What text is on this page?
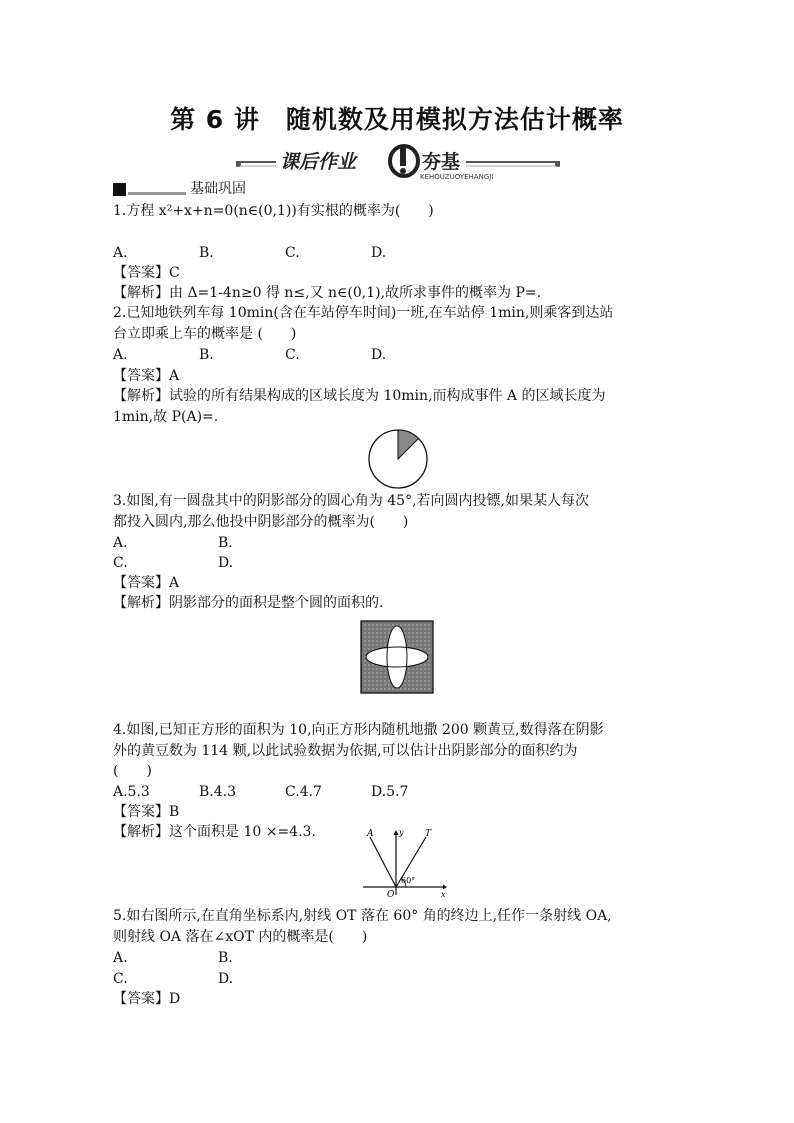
第 6 讲　随机数及用模拟方法估计概率
课后作业	夯基
KEHOUZUOYEHANGJI
基础巩固
1.方程 x²+x+n=0(n∈(0,1))有实根的概率为(　　)
A.	B.	C.	D.
【答案】C
【解析】由 Δ=1-4n≥0 得 n≤,又 n∈(0,1),故所求事件的概率为 P=.
2.已知地铁列车每 10min(含在车站停车时间)一班,在车站停 1min,则乘客到达站
台立即乘上车的概率是 (　　)
A.	B.	C.	D.
【答案】A
【解析】试验的所有结果构成的区域长度为 10min,而构成事件 A 的区域长度为
1min,故 P(A)=.
3.如图,有一圆盘其中的阴影部分的圆心角为 45°,若向圆内投镖,如果某人每次
都投入圆内,那么他投中阴影部分的概率为(　　)
A.	B.
C.	D.
【答案】A
【解析】阴影部分的面积是整个圆的面积的.
4.如图,已知正方形的面积为 10,向正方形内随机地撒 200 颗黄豆,数得落在阴影
外的黄豆数为 114 颗,以此试验数据为依据,可以估计出阴影部分的面积约为
(　　)
A.5.3	B.4.3	C.4.7	D.5.7
【答案】B
【解析】这个面积是 10 ×=4.3.	A	y T
O	x
60°
5.如右图所示,在直角坐标系内,射线 OT 落在 60° 角的终边上,任作一条射线 OA,
则射线 OA 落在∠xOT 内的概率是(　　)
A.	B.
C.	D.
【答案】D
